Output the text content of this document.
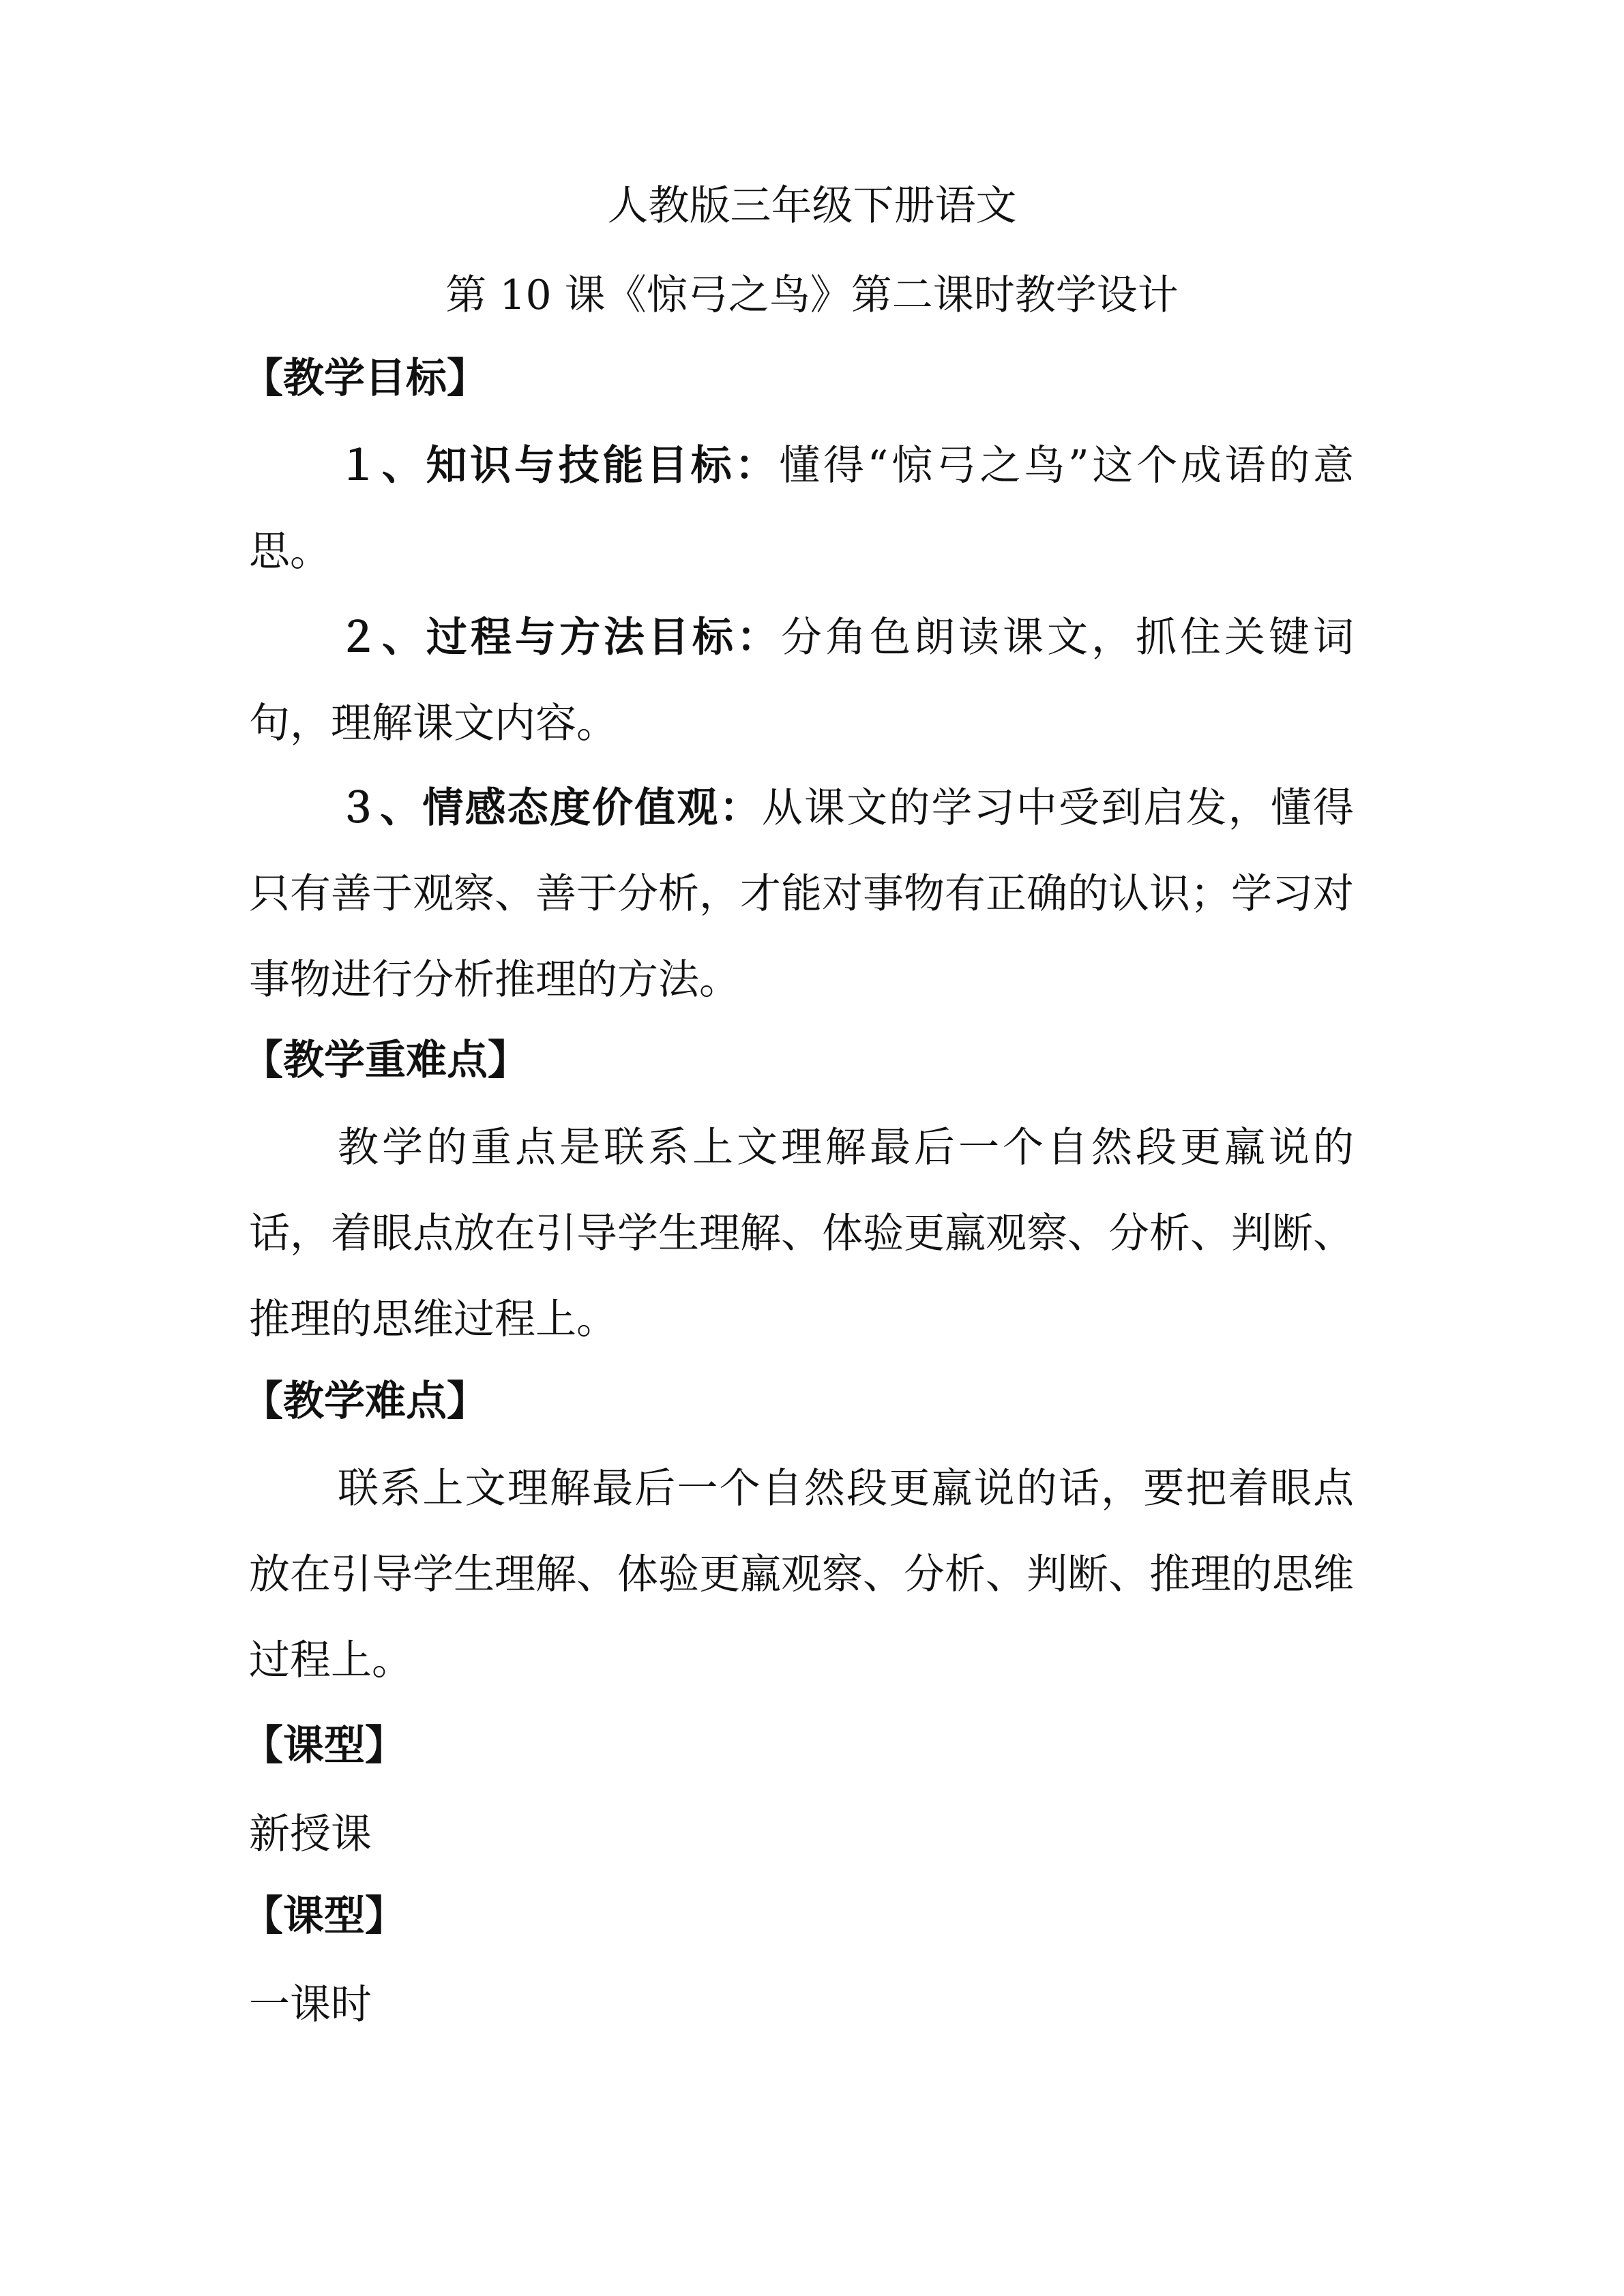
人教版三年级下册语文
第 10 课《惊弓之鸟》第二课时教学设计
【教学目标】
１、知识与技能目标：懂得“惊弓之鸟”这个成语的意思。
２、过程与方法目标：分角色朗读课文，抓住关键词句，理解课文内容。
３、情感态度价值观：从课文的学习中受到启发，懂得只有善于观察、善于分析，才能对事物有正确的认识；学习对事物进行分析推理的方法。
【教学重难点】
教学的重点是联系上文理解最后一个自然段更羸说的话，着眼点放在引导学生理解、体验更羸观察、分析、判断、推理的思维过程上。
【教学难点】
联系上文理解最后一个自然段更羸说的话，要把着眼点放在引导学生理解、体验更羸观察、分析、判断、推理的思维过程上。
【课型】
新授课
【课型】
一课时
